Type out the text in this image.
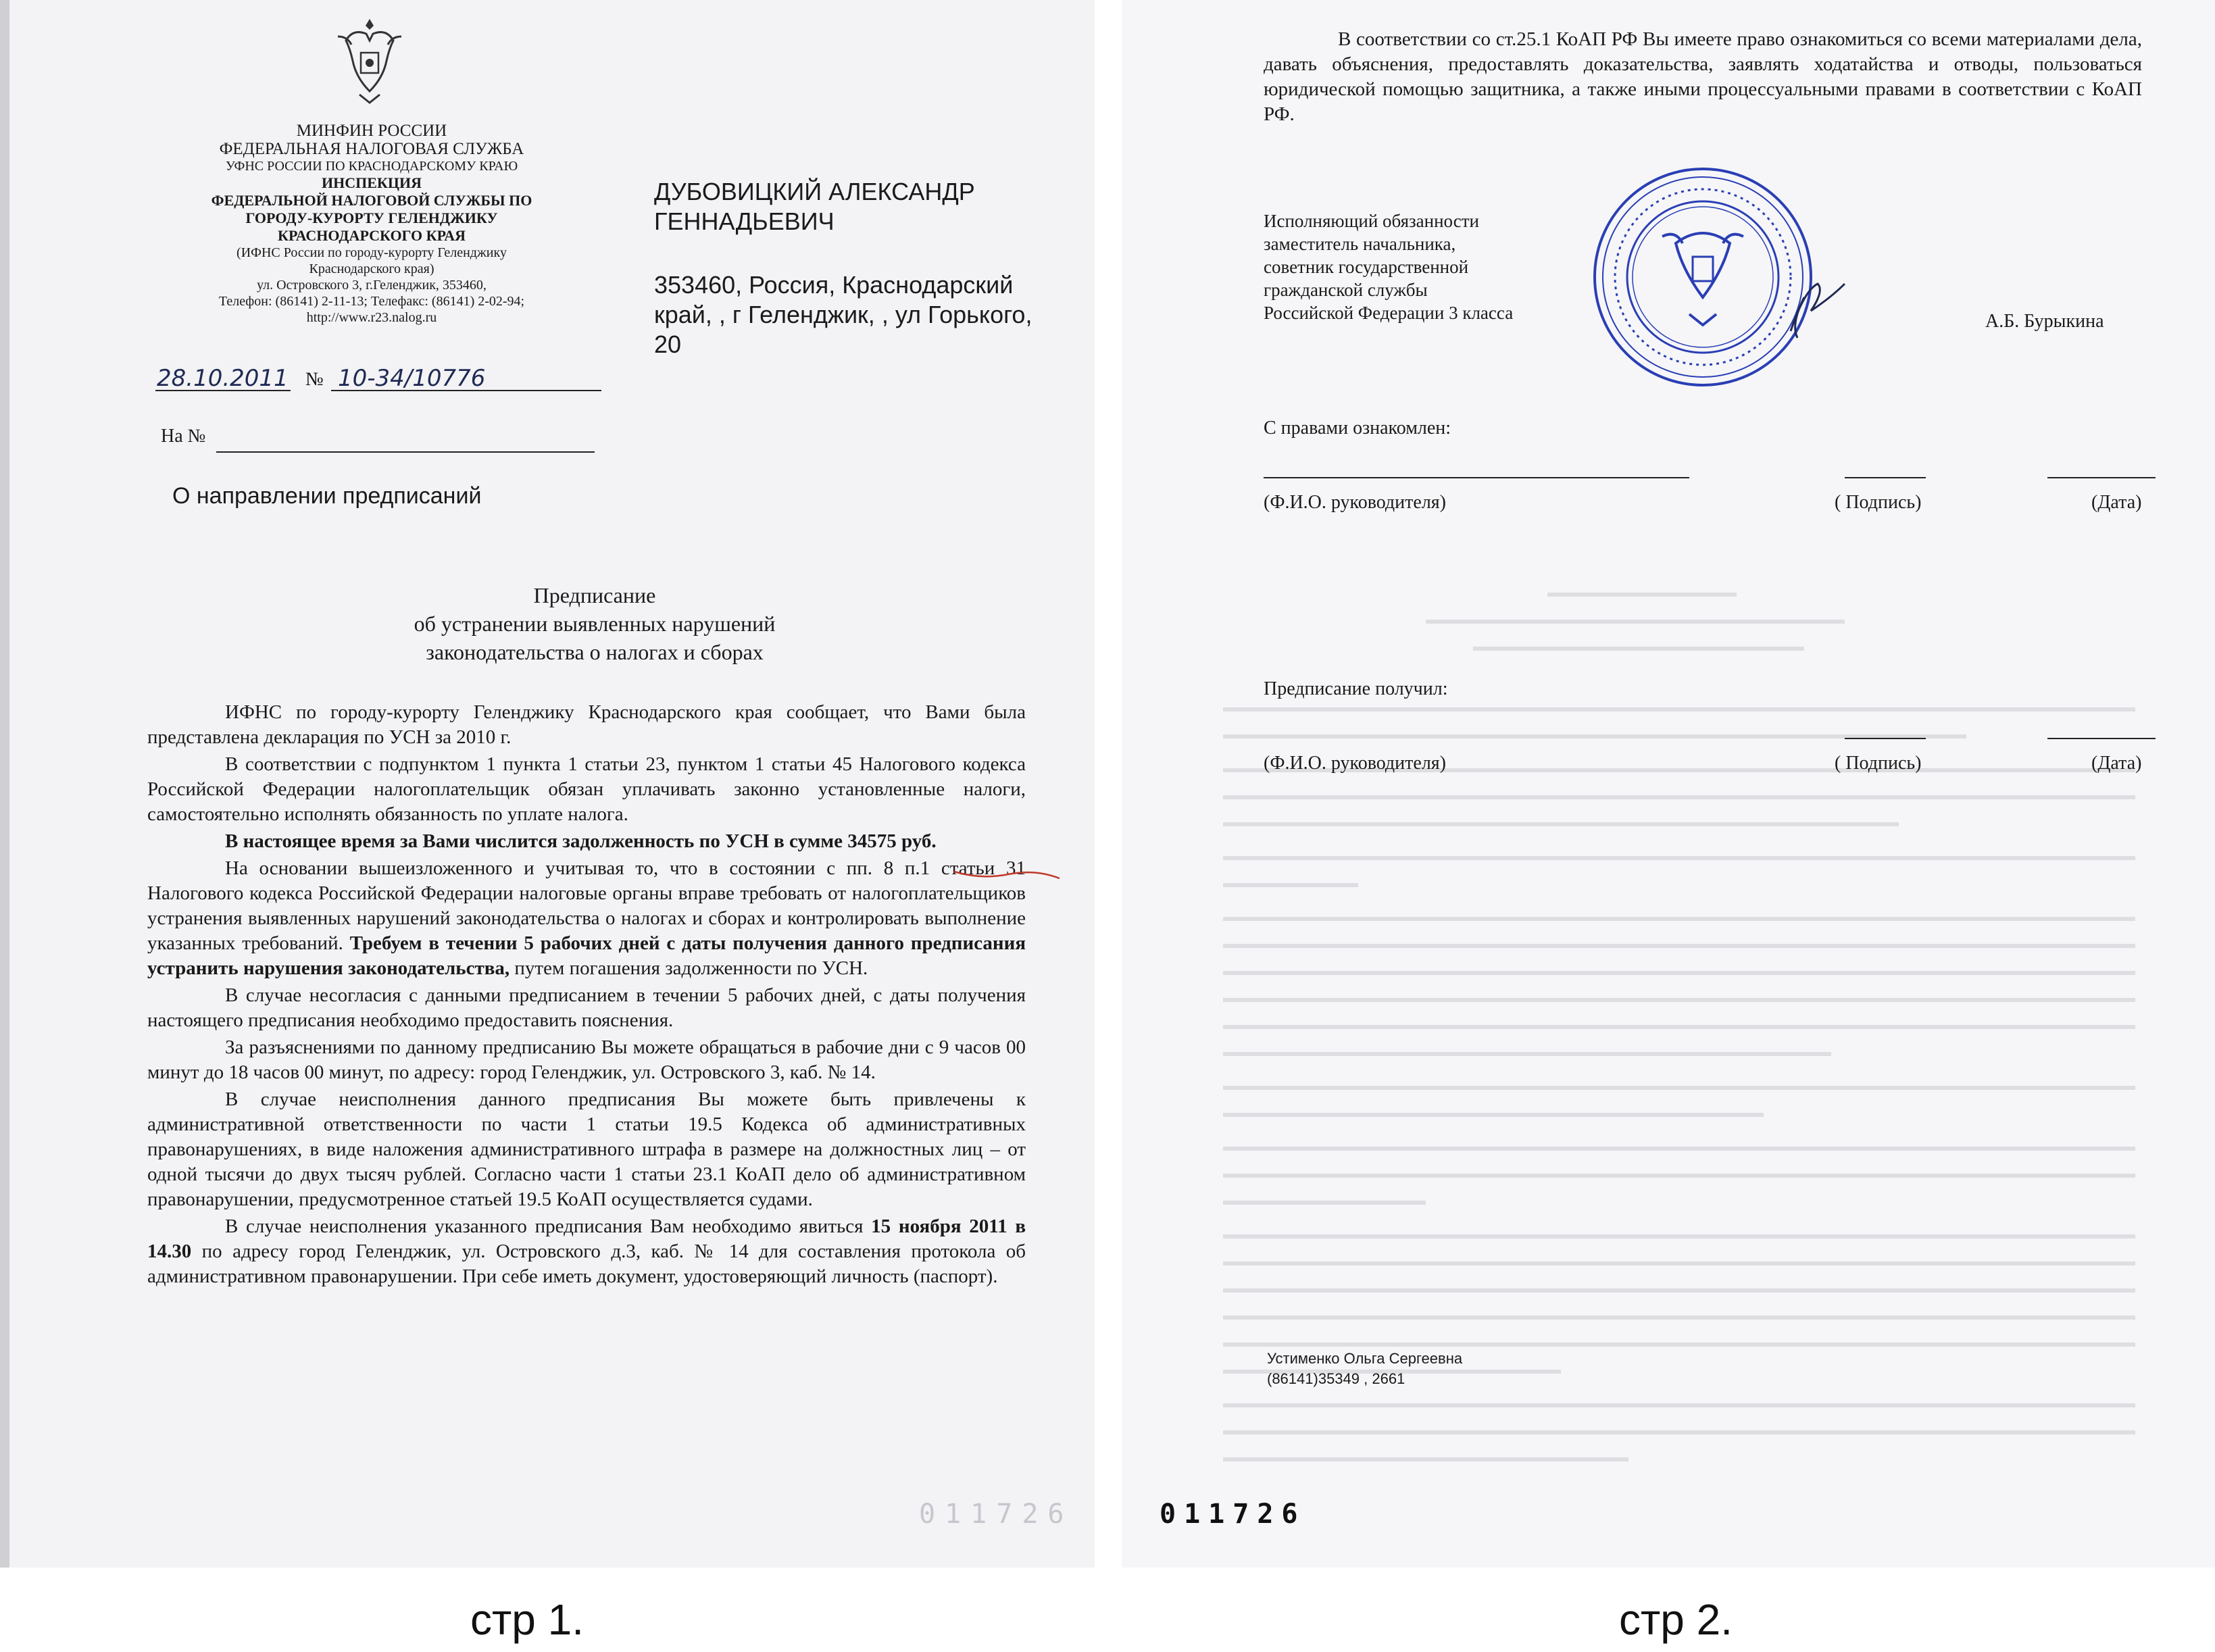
МИНФИН РОССИИ
ФЕДЕРАЛЬНАЯ НАЛОГОВАЯ СЛУЖБА
УФНС РОССИИ ПО КРАСНОДАРСКОМУ КРАЮ
ИНСПЕКЦИЯ
ФЕДЕРАЛЬНОЙ НАЛОГОВОЙ СЛУЖБЫ ПО
ГОРОДУ-КУРОРТУ ГЕЛЕНДЖИКУ
КРАСНОДАРСКОГО КРАЯ
(ИФНС России по городу-курорту Геленджику
Краснодарского края)
ул. Островского 3, г.Геленджик, 353460,
Телефон: (86141) 2-11-13; Телефакс: (86141) 2-02-94;
http://www.r23.nalog.ru
ДУБОВИЦКИЙ АЛЕКСАНДР
ГЕННАДЬЕВИЧ
353460, Россия, Краснодарский
край, , г Геленджик, , ул Горького,
20
28.10.2011 № 10-34/10776
На №
О направлении предписаний
Предписание
об устранении выявленных нарушений
законодательства о налогах и сборах

ИФНС по городу-курорту Геленджику Краснодарского края сообщает, что Вами была представлена декларация по УСН за 2010 г.

В соответствии с подпунктом 1 пункта 1 статьи 23, пунктом 1 статьи 45 Налогового кодекса Российской Федерации налогоплательщик обязан уплачивать законно установленные налоги, самостоятельно исполнять обязанность по уплате налога.

В настоящее время за Вами числится задолженность по УСН в сумме 34575 руб.

На основании вышеизложенного и учитывая то, что в состоянии с пп. 8 п.1 статьи 31 Налогового кодекса Российской Федерации налоговые органы вправе требовать от налогоплательщиков устранения выявленных нарушений законодательства о налогах и сборах и контролировать выполнение указанных требований. Требуем в течении 5 рабочих дней с даты получения данного предписания устранить нарушения законодательства, путем погашения задолженности по УСН.

В случае несогласия с данными предписанием в течении 5 рабочих дней, с даты получения настоящего предписания необходимо предоставить пояснения.

За разъяснениями по данному предписанию Вы можете обращаться в рабочие дни с 9 часов 00 минут до 18 часов 00 минут, по адресу: город Геленджик, ул. Островского 3, каб. № 14.

В случае неисполнения данного предписания Вы можете быть привлечены к административной ответственности по части 1 статьи 19.5 Кодекса об административных правонарушениях, в виде наложения административного штрафа в размере на должностных лиц – от одной тысячи до двух тысяч рублей. Согласно части 1 статьи 23.1 КоАП дело об административном правонарушении, предусмотренное статьей 19.5 КоАП осуществляется судами.

В случае неисполнения указанного предписания Вам необходимо явиться 15 ноября 2011 в 14.30 по адресу город Геленджик, ул. Островского д.3, каб. № 14 для составления протокола об административном правонарушении. При себе иметь документ, удостоверяющий личность (паспорт).

011726
стр 1.

В соответствии со ст.25.1 КоАП РФ Вы имеете право ознакомиться со всеми материалами дела, давать объяснения, предоставлять доказательства, заявлять ходатайства и отводы, пользоваться юридической помощью защитника, а также иными процессуальными правами в соответствии с КоАП РФ.

Исполняющий обязанности
заместитель начальника,
советник государственной
гражданской службы
Российской Федерации 3 класса	А.Б. Бурыкина
С правами ознакомлен:
(Ф.И.О. руководителя)	( Подпись)	(Дата)
Предписание получил:
(Ф.И.О. руководителя)	( Подпись)	(Дата)
Устименко Ольга Сергеевна
(86141)35349 , 2661
011726
стр 2.
